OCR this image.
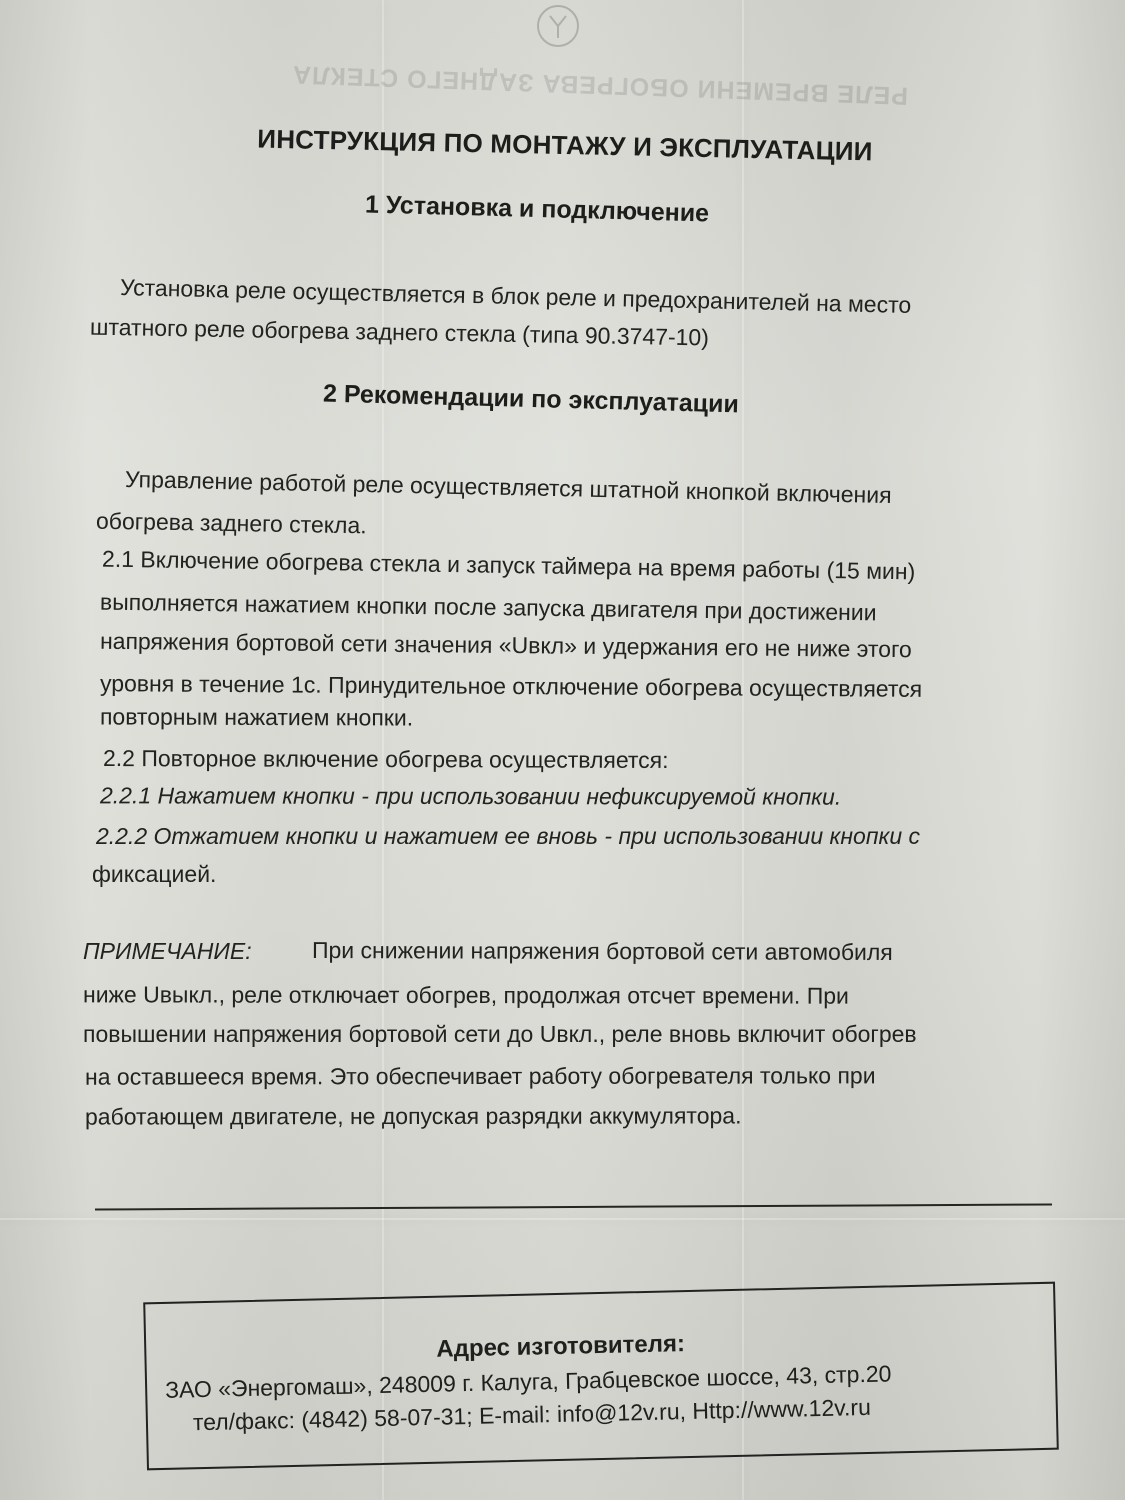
РЕЛЕ ВРЕМЕНИ ОБОГРЕВА ЗАДНЕГО СТЕКЛА
ИНСТРУКЦИЯ ПО МОНТАЖУ И ЭКСПЛУАТАЦИИ
1 Установка и подключение
Установка реле осуществляется в блок реле и предохранителей на место
штатного реле обогрева заднего стекла (типа 90.3747-10)
2 Рекомендации по эксплуатации
Управление работой реле осуществляется штатной кнопкой включения
обогрева заднего стекла.
2.1 Включение обогрева стекла и запуск таймера на время работы (15 мин)
выполняется нажатием кнопки после запуска двигателя при достижении
напряжения бортовой сети значения «Uвкл» и удержания его не ниже этого
уровня в течение 1с. Принудительное отключение обогрева осуществляется
повторным нажатием кнопки.
2.2 Повторное включение обогрева осуществляется:
2.2.1 Нажатием кнопки - при использовании нефиксируемой кнопки.
2.2.2 Отжатием кнопки и нажатием ее вновь - при использовании кнопки с
фиксацией.
ПРИМЕЧАНИЕ:	При снижении напряжения бортовой сети автомобиля
ниже Uвыкл., реле отключает обогрев, продолжая отсчет времени. При
повышении напряжения бортовой сети до Uвкл., реле вновь включит обогрев
на оставшееся время. Это обеспечивает работу обогревателя только при
работающем двигателе, не допуская разрядки аккумулятора.
Адрес изготовителя:
ЗАО «Энергомаш», 248009 г. Калуга, Грабцевское шоссе, 43, стр.20
тел/факс: (4842) 58-07-31; E-mail: info@12v.ru, Http://www.12v.ru
